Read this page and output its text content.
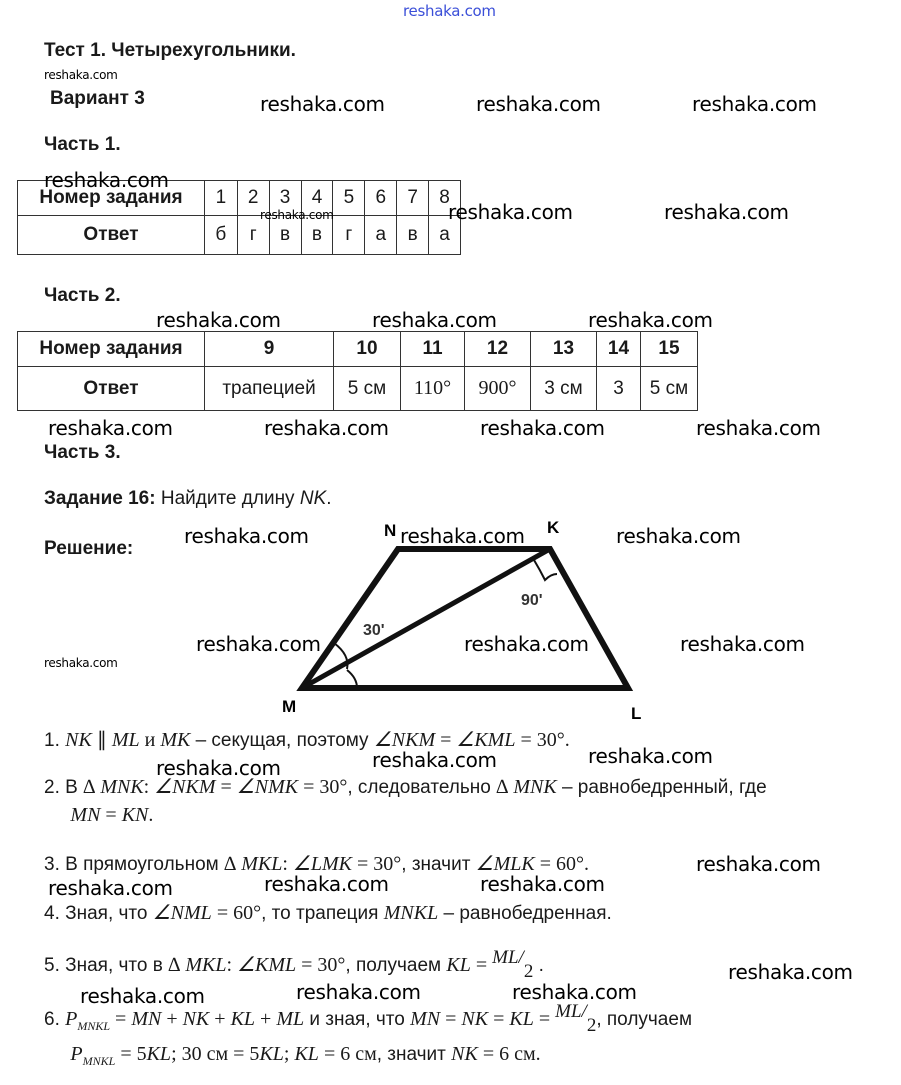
reshaka.com
Тест 1. Четырехугольники.
Вариант 3
Часть 1.
Номер задания	1	2	3	4	5	6	7	8
Ответ	б	г	в	в	г	а	в	а
Часть 2.
Номер задания	9	10	11	12	13	14	15
Ответ	трапецией	5 см	110°	900°	3 см	3	5 см
Часть 3.
Задание 16: Найдите длину NK.
Решение:
N	K
M	L
30'
90'
1. NK ∥ ML и MK – секущая, поэтому ∠NKM = ∠KML = 30°.
2. В ∆ MNK: ∠NKM = ∠NMK = 30°, следовательно ∆ MNK – равнобедренный, где
MN = KN.
3. В прямоугольном ∆ MKL: ∠LMK = 30°, значит ∠MLK = 60°.
4. Зная, что ∠NML = 60°, то трапеция MNKL – равнобедренная.
5. Зная, что в ∆ MKL: ∠KML = 30°, получаем KL = ML/2 .
6. $P_{MNKL}$ = MN + NK + KL + ML и зная, что MN = NK = KL = ML/2, получаем
$P_{MNKL} = 5KL$; 30 см = 5KL; KL = 6 см, значит NK = 6 см.
reshaka.com
reshaka.com	reshaka.com	reshaka.com
reshaka.com
reshaka.com	reshaka.com	reshaka.com
reshaka.com	reshaka.com	reshaka.com
reshaka.com	reshaka.com	reshaka.com	reshaka.com
reshaka.com	reshaka.com	reshaka.com
reshaka.com	reshaka.com	reshaka.com
reshaka.com
reshaka.com	reshaka.com	reshaka.com
reshaka.com
reshaka.com	reshaka.com	reshaka.com
reshaka.com
reshaka.com	reshaka.com	reshaka.com
